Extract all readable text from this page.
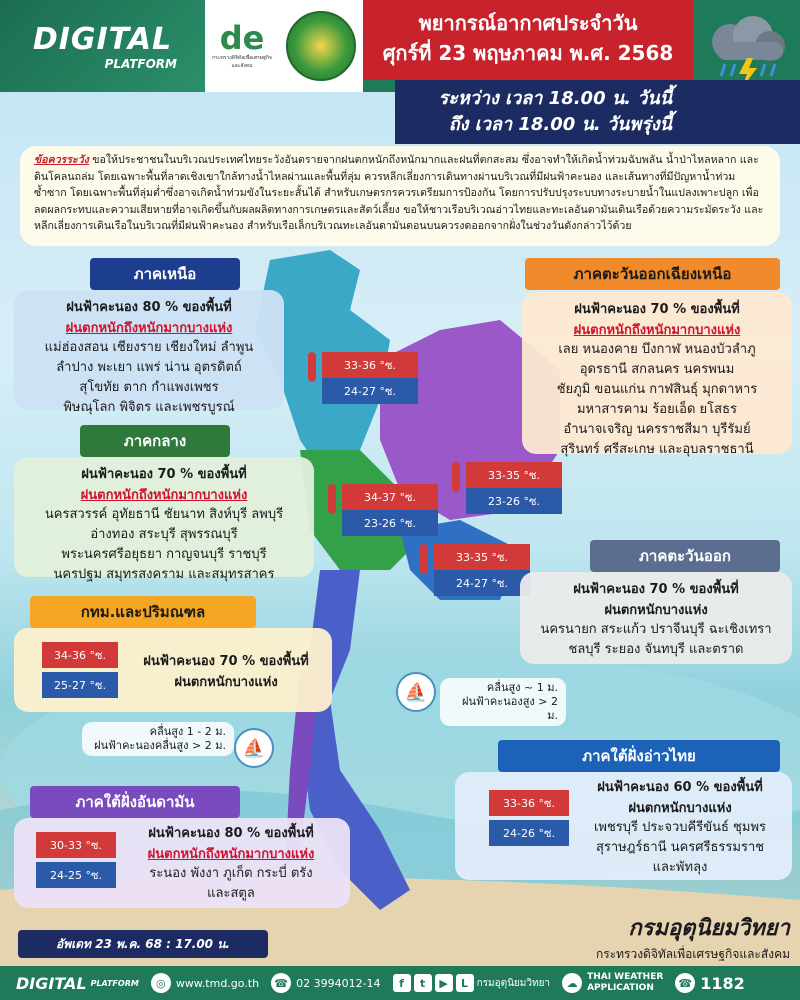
DIGITAL
PLATFORM
de
กระทรวงดิจิทัลเพื่อเศรษฐกิจและสังคม
พยากรณ์อากาศประจำวัน
ศุกร์ที่ 23 พฤษภาคม พ.ศ. 2568
ระหว่าง เวลา 18.00 น. วันนี้
ถึง เวลา 18.00 น. วันพรุ่งนี้
ข้อควรระวัง ขอให้ประชาชนในบริเวณประเทศไทยระวังอันตรายจากฝนตกหนักถึงหนักมากและฝนที่ตกสะสม ซึ่งอาจทำให้เกิดน้ำท่วมฉับพลัน น้ำป่าไหลหลาก และดินโคลนถล่ม โดยเฉพาะพื้นที่ลาดเชิงเขาใกล้ทางน้ำไหลผ่านและพื้นที่ลุ่ม ควรหลีกเลี่ยงการเดินทางผ่านบริเวณที่มีฝนฟ้าคะนอง และเส้นทางที่มีปัญหาน้ำท่วมซ้ำซาก โดยเฉพาะพื้นที่ลุ่มต่ำซึ่งอาจเกิดน้ำท่วมขังในระยะสั้นได้ สำหรับเกษตรกรควรเตรียมการป้องกัน โดยการปรับปรุงระบบทางระบายน้ำในแปลงเพาะปลูก เพื่อลดผลกระทบและความเสียหายที่อาจเกิดขึ้นกับผลผลิตทางการเกษตรและสัตว์เลี้ยง ขอให้ชาวเรือบริเวณอ่าวไทยและทะเลอันดามันเดินเรือด้วยความระมัดระวัง และหลีกเลี่ยงการเดินเรือในบริเวณที่มีฝนฟ้าคะนอง สำหรับเรือเล็กบริเวณทะเลอันดามันตอนบนควรงดออกจากฝั่งในช่วงวันดังกล่าวไว้ด้วย
ภาคเหนือ
ฝนฟ้าคะนอง 80 % ของพื้นที่
ฝนตกหนักถึงหนักมากบางแห่ง
แม่ฮ่องสอน เชียงราย เชียงใหม่ ลำพูน
ลำปาง พะเยา แพร่ น่าน อุตรดิตถ์
สุโขทัย ตาก กำแพงเพชร
พิษณุโลก พิจิตร และเพชรบูรณ์
33-36 °ซ.
24-27 °ซ.
ภาคตะวันออกเฉียงเหนือ
ฝนฟ้าคะนอง 70 % ของพื้นที่
ฝนตกหนักถึงหนักมากบางแห่ง
เลย หนองคาย บึงกาฬ หนองบัวลำภู
อุดรธานี สกลนคร นครพนม
ชัยภูมิ ขอนแก่น กาฬสินธุ์ มุกดาหาร
มหาสารคาม ร้อยเอ็ด ยโสธร
อำนาจเจริญ นครราชสีมา บุรีรัมย์
สุรินทร์ ศรีสะเกษ และอุบลราชธานี
33-35 °ซ.
23-26 °ซ.
ภาคกลาง
ฝนฟ้าคะนอง 70 % ของพื้นที่
ฝนตกหนักถึงหนักมากบางแห่ง
นครสวรรค์ อุทัยธานี ชัยนาท สิงห์บุรี ลพบุรี
อ่างทอง สระบุรี สุพรรณบุรี
พระนครศรีอยุธยา กาญจนบุรี ราชบุรี
นครปฐม สมุทรสงคราม และสมุทรสาคร
34-37 °ซ.
23-26 °ซ.
33-35 °ซ.
24-27 °ซ.
ภาคตะวันออก
ฝนฟ้าคะนอง 70 % ของพื้นที่
ฝนตกหนักบางแห่ง
นครนายก สระแก้ว ปราจีนบุรี ฉะเชิงเทรา
ชลบุรี ระยอง จันทบุรี และตราด
กทม.และปริมณฑล
34-36 °ซ.
25-27 °ซ.
ฝนฟ้าคะนอง 70 % ของพื้นที่
ฝนตกหนักบางแห่ง	คลื่นสูง ~ 1 ม.
ฝนฟ้าคะนองสูง > 2 ม.
คลื่นสูง 1 - 2 ม.
ฝนฟ้าคะนองคลื่นสูง > 2 ม.
⛵
⛵	ภาคใต้ฝั่งอ่าวไทย
33-36 °ซ.
24-26 °ซ.
ฝนฟ้าคะนอง 60 % ของพื้นที่
ฝนตกหนักบางแห่ง
เพชรบุรี ประจวบคีรีขันธ์ ชุมพร
สุราษฎร์ธานี นครศรีธรรมราช
และพัทลุง
ภาคใต้ฝั่งอันดามัน
30-33 °ซ.
24-25 °ซ.
ฝนฟ้าคะนอง 80 % ของพื้นที่
ฝนตกหนักถึงหนักมากบางแห่ง
ระนอง พังงา ภูเก็ต กระบี่ ตรัง
และสตูล
อัพเดท 23 พ.ค. 68 : 17.00 น.
กรมอุตุนิยมวิทยา
กระทรวงดิจิทัลเพื่อเศรษฐกิจและสังคม
DIGITAL PLATFORM	◎ www.tmd.go.th ☎ 02 3994012-14	f	t	▶	L กรมอุตุนิยมวิทยา	☁	THAI WEATHER
APPLICATION	☎ 1182
